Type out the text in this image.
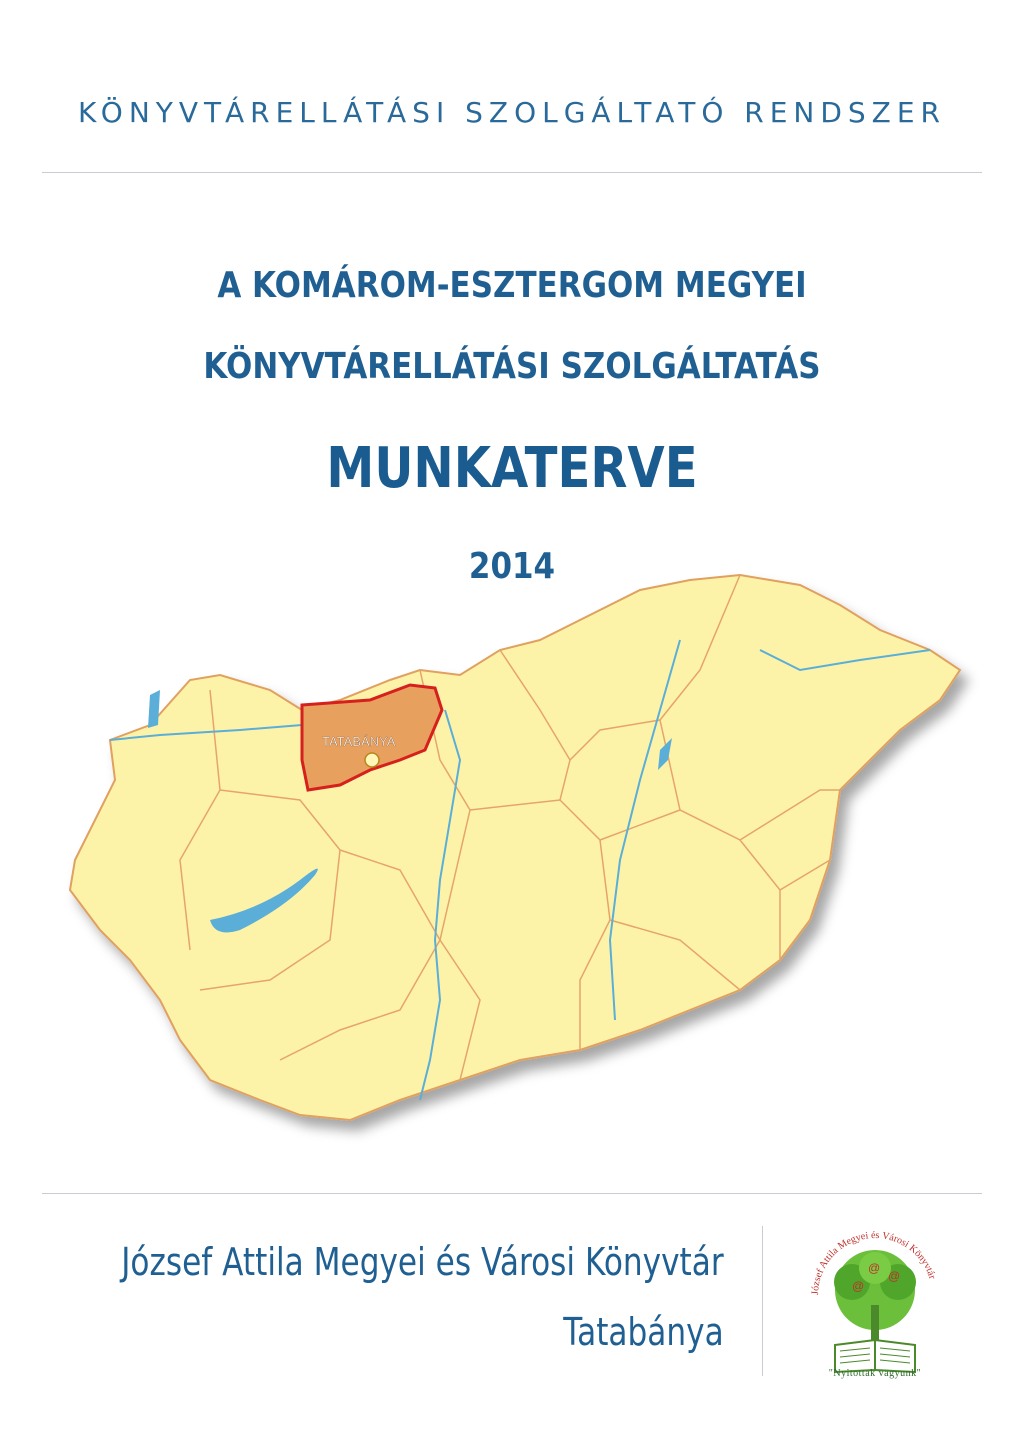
KÖNYVTÁRELLÁTÁSI SZOLGÁLTATÓ RENDSZER
A KOMÁROM-ESZTERGOM MEGYEI
KÖNYVTÁRELLÁTÁSI SZOLGÁLTATÁS
MUNKATERVE
2014
TATABÁNYA
József Attila Megyei és Városi Könyvtár
Tatabánya
József Attila Megyei és Városi Könyvtár
@
@
@
"Nyitottak vagyunk"
